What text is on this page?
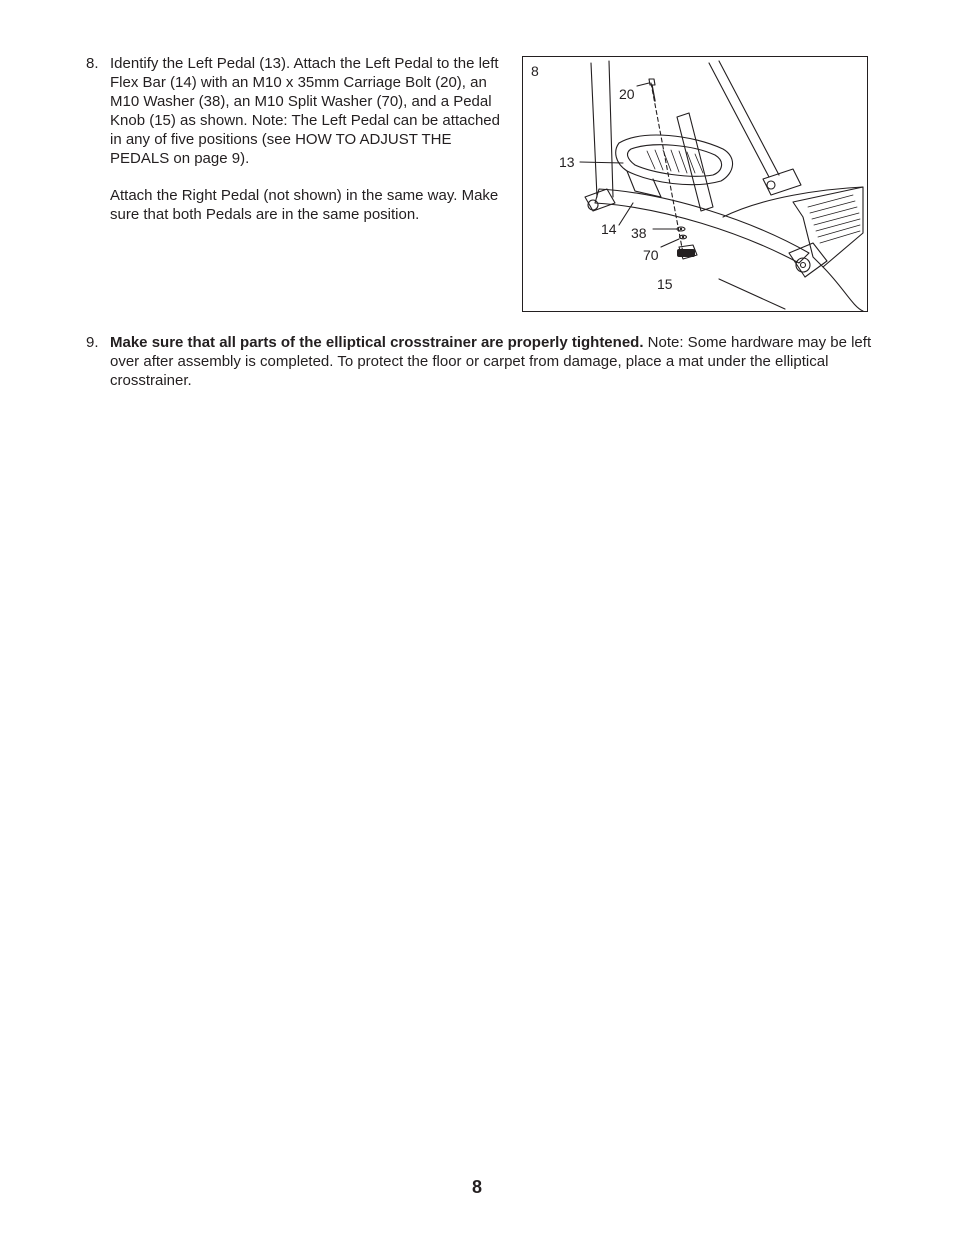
8. Identify the Left Pedal (13). Attach the Left Pedal to the left Flex Bar (14) with an M10 x 35mm Carriage Bolt (20), an M10 Washer (38), an M10 Split Washer (70), and a Pedal Knob (15) as shown. Note: The Left Pedal can be attached in any of five positions (see HOW TO ADJUST THE PEDALS on page 9).

Attach the Right Pedal (not shown) in the same way. Make sure that both Pedals are in the same position.

8
20
13
14 38
70
15
9. Make sure that all parts of the elliptical crosstrainer are properly tightened. Note: Some hardware may be left over after assembly is completed. To protect the floor or carpet from damage, place a mat under the elliptical crosstrainer.
8
